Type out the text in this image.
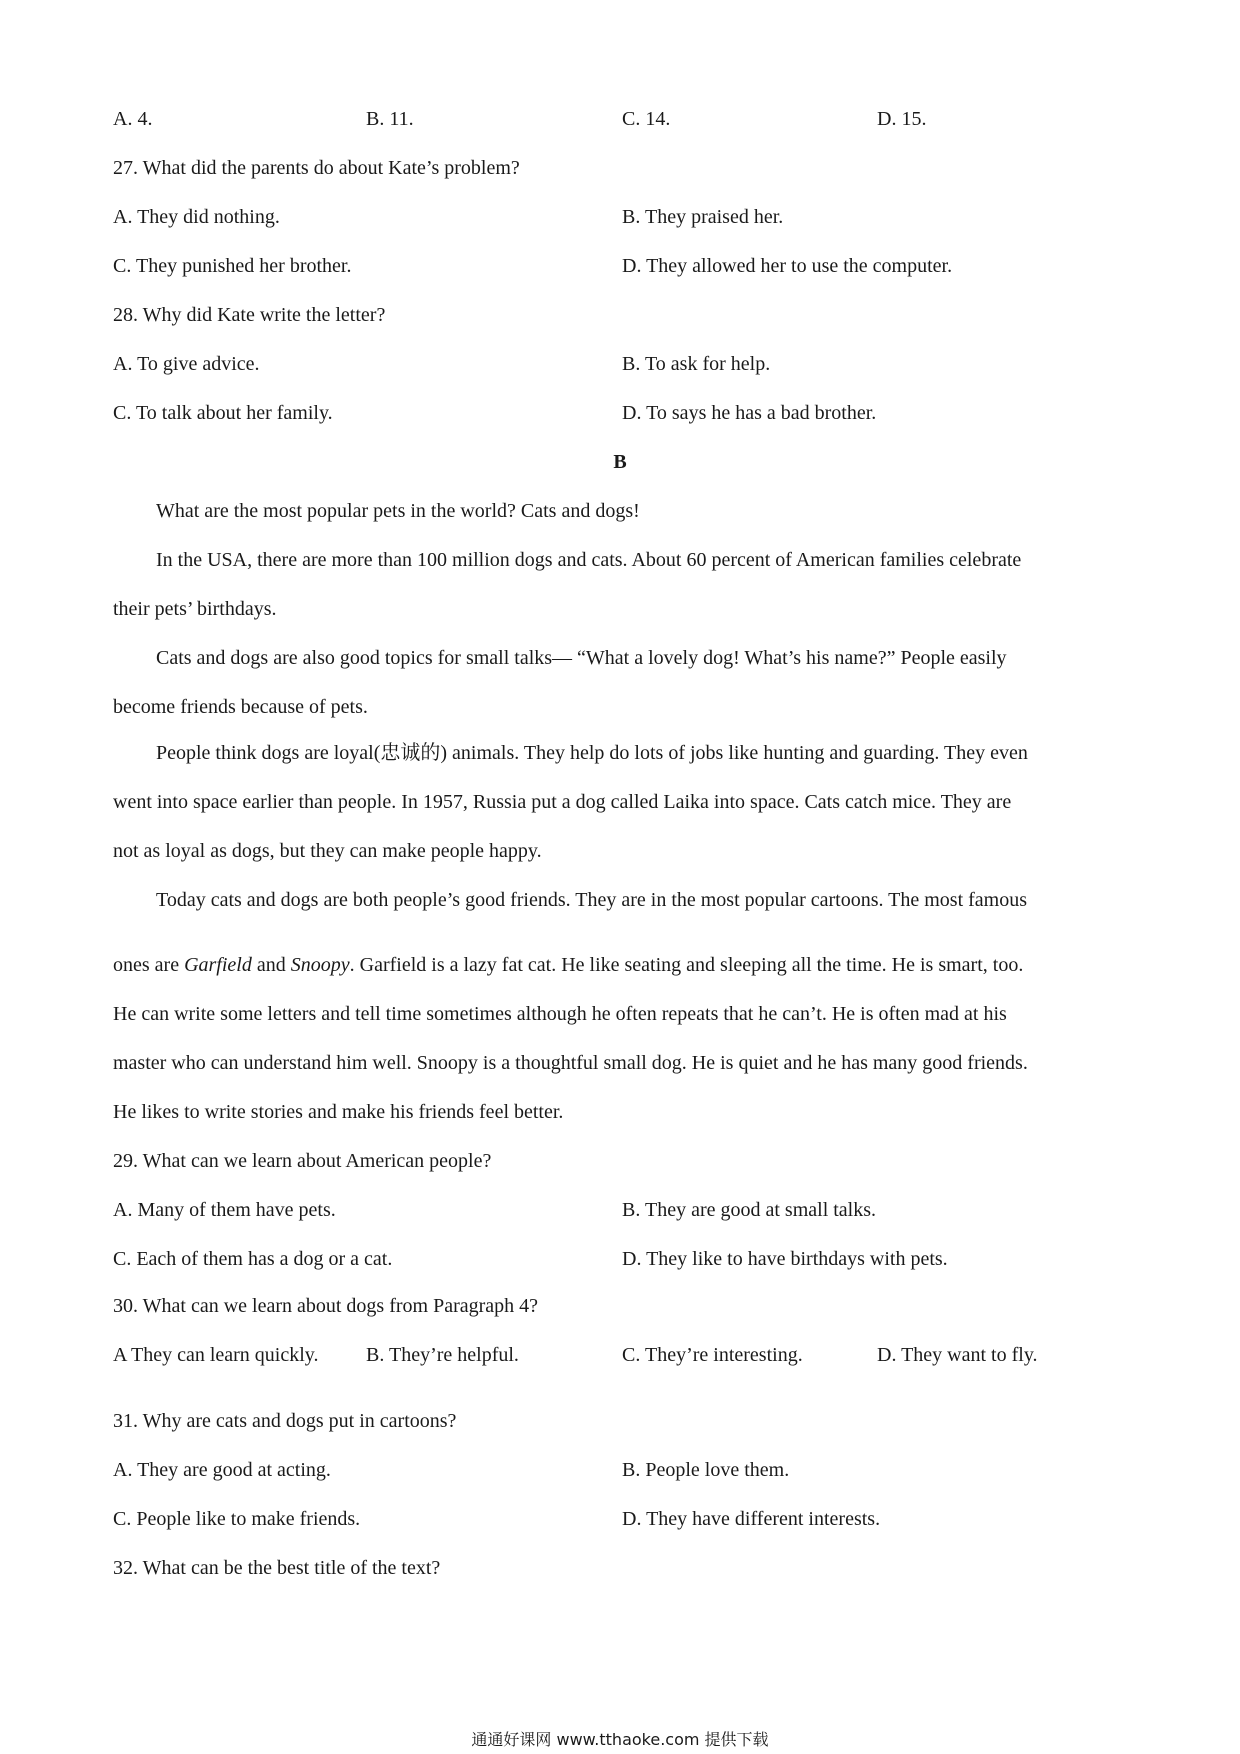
A. 4.	B. 11.	C. 14.	D. 15.
27. What did the parents do about Kate’s problem?
A. They did nothing.	B. They praised her.
C. They punished her brother.	D. They allowed her to use the computer.
28. Why did Kate write the letter?
A. To give advice.	B. To ask for help.
C. To talk about her family.	D. To says he has a bad brother.
B
What are the most popular pets in the world? Cats and dogs!
In the USA, there are more than 100 million dogs and cats. About 60 percent of American families celebrate
their pets’ birthdays.
Cats and dogs are also good topics for small talks— “What a lovely dog! What’s his name?” People easily
become friends because of pets.
People think dogs are loyal(忠诚的) animals. They help do lots of jobs like hunting and guarding. They even
went into space earlier than people. In 1957, Russia put a dog called Laika into space. Cats catch mice. They are
not as loyal as dogs, but they can make people happy.
Today cats and dogs are both people’s good friends. They are in the most popular cartoons. The most famous
ones are Garfield and Snoopy. Garfield is a lazy fat cat. He like seating and sleeping all the time. He is smart, too.
He can write some letters and tell time sometimes although he often repeats that he can’t. He is often mad at his
master who can understand him well. Snoopy is a thoughtful small dog. He is quiet and he has many good friends.
He likes to write stories and make his friends feel better.
29. What can we learn about American people?
A. Many of them have pets.	B. They are good at small talks.
C. Each of them has a dog or a cat.	D. They like to have birthdays with pets.
30. What can we learn about dogs from Paragraph 4?
A They can learn quickly. B. They’re helpful.	C. They’re interesting.	D. They want to fly.
31. Why are cats and dogs put in cartoons?
A. They are good at acting.	B. People love them.
C. People like to make friends.	D. They have different interests.
32. What can be the best title of the text?
通通好课网 www.tthaoke.com 提供下载
